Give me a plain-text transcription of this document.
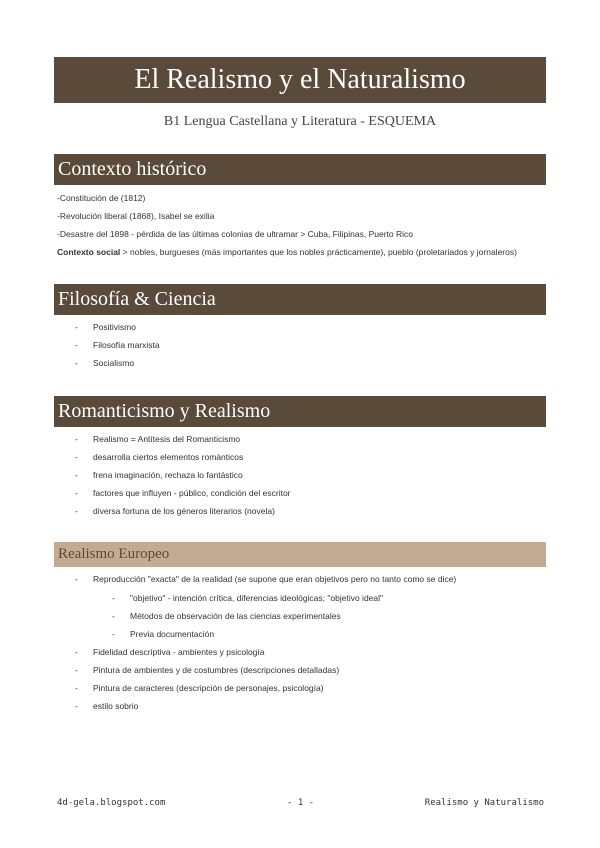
El Realismo y el Naturalismo
B1 Lengua Castellana y Literatura - ESQUEMA
Contexto histórico
-Constitución de (1812)
-Revolución liberal (1868), Isabel se exilia
-Desastre del 1898 - pérdida de las últimas colonias de ultramar > Cuba, Filipinas, Puerto Rico
Contexto social > nobles, burgueses (más importantes que los nobles prácticamente), pueblo (proletariados y jornaleros)
Filosofía & Ciencia
- Positivismo
- Filosofía marxista
- Socialismo
Romanticismo y Realismo
- Realismo = Antítesis del Romanticismo
- desarrolla ciertos elementos románticos
- frena imaginación, rechaza lo fantástico
- factores que influyen - público, condición del escritor
- diversa fortuna de los géneros literarios (novela)
Realismo Europeo
- Reproducción "exacta" de la realidad (se supone que eran objetivos pero no tanto como se dice)
- "objetivo" - intención crítica, diferencias ideológicas; "objetivo ideal"
- Métodos de observación de las ciencias experimentales
- Previa documentación
- Fidelidad descriptiva - ambientes y psicología
- Pintura de ambientes y de costumbres (descripciones detalladas)
- Pintura de caracteres (descripción de personajes, psicología)
- estilo sobrio
4d-gela.blogspot.com	- 1 -	Realismo y Naturalismo
